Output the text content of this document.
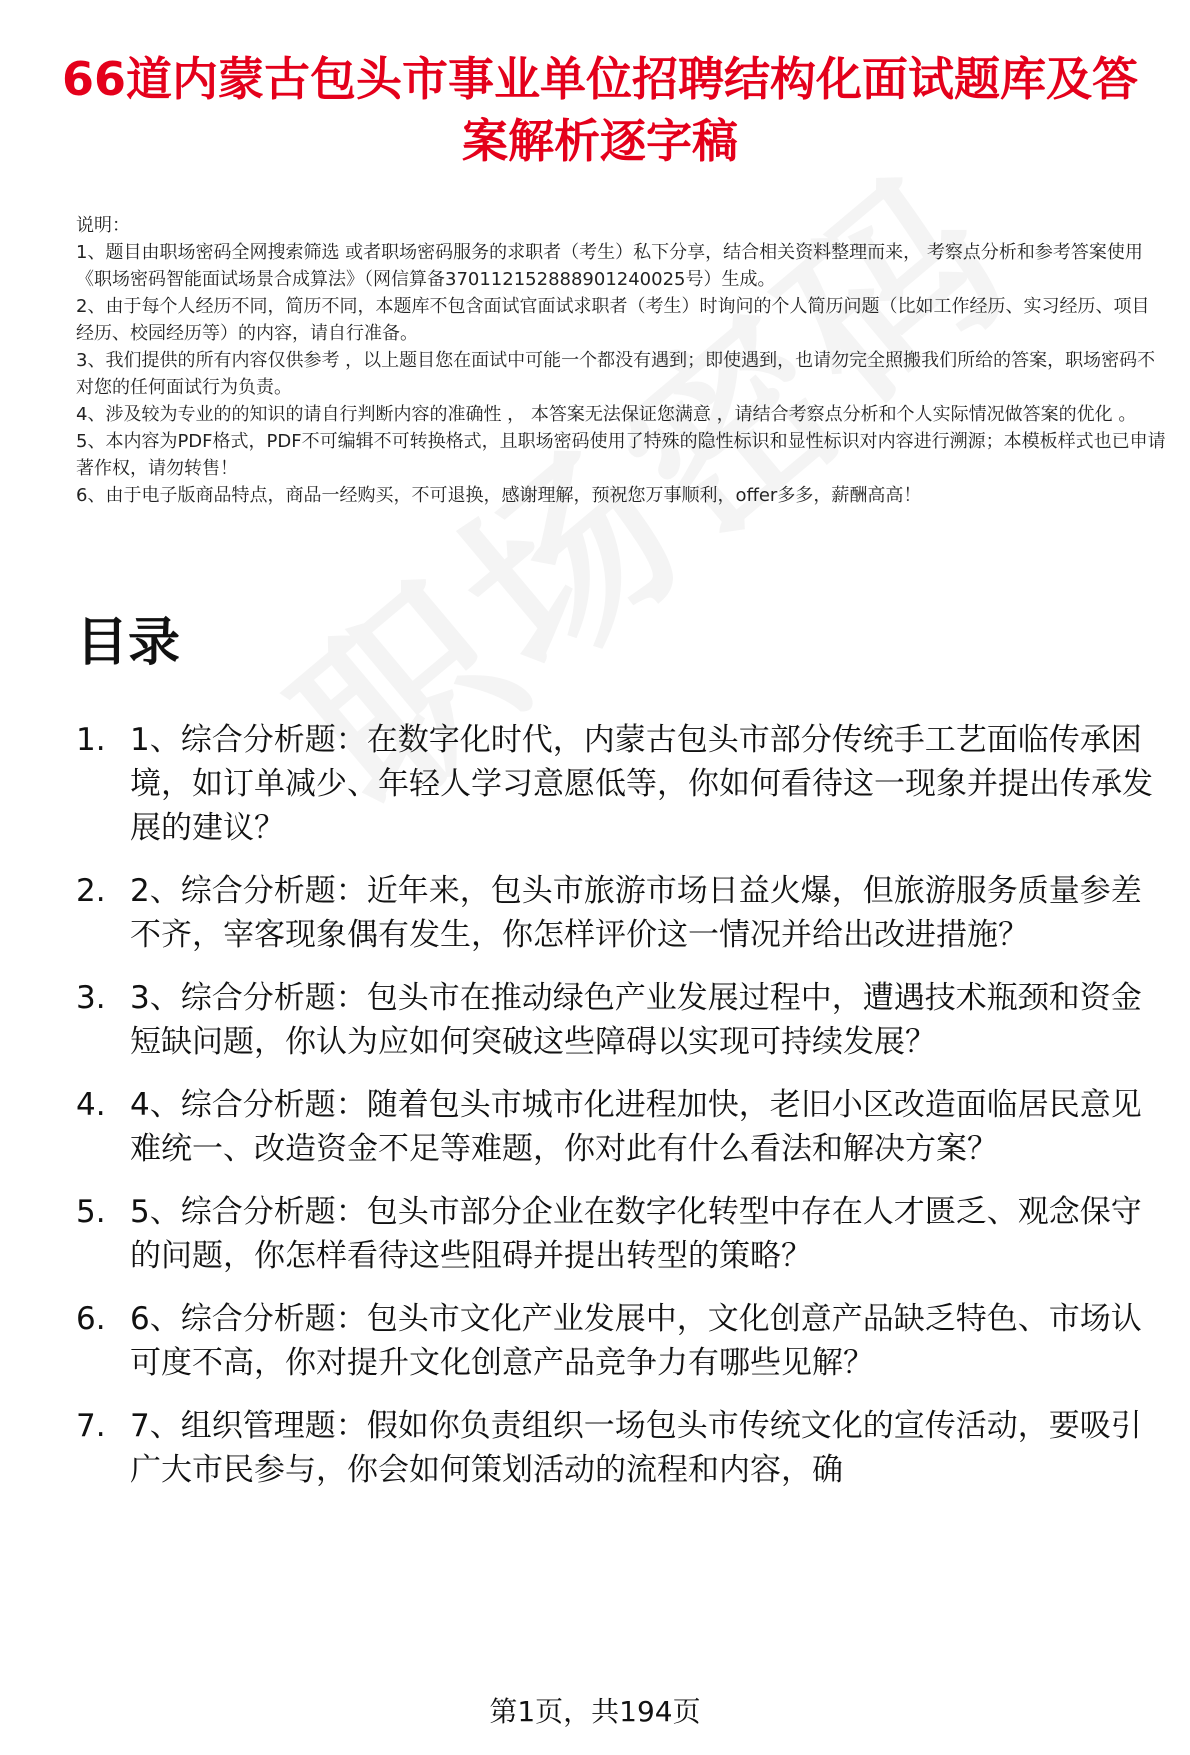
66道内蒙古包头市事业单位招聘结构化面试题库及答案解析逐字稿

说明：

1、题目由职场密码全网搜索筛选 或者职场密码服务的求职者（考生）私下分享，结合相关资料整理而来， 考察点分析和参考答案使用《职场密码智能面试场景合成算法》（网信算备370112152888901240025号）生成。

2、由于每个人经历不同，简历不同，本题库不包含面试官面试求职者（考生）时询问的个人简历问题（比如工作经历、实习经历、项目经历、校园经历等）的内容，请自行准备。

3、我们提供的所有内容仅供参考 ，以上题目您在面试中可能一个都没有遇到；即使遇到，也请勿完全照搬我们所给的答案，职场密码不对您的任何面试行为负责。

4、涉及较为专业的的知识的请自行判断内容的准确性 ， 本答案无法保证您满意 ，请结合考察点分析和个人实际情况做答案的优化 。

5、本内容为PDF格式，PDF不可编辑不可转换格式，且职场密码使用了特殊的隐性标识和显性标识对内容进行溯源；本模板样式也已申请著作权，请勿转售！

6、由于电子版商品特点，商品一经购买，不可退换，感谢理解，预祝您万事顺利，offer多多，薪酬高高！

目录
1. 1、综合分析题：在数字化时代，内蒙古包头市部分传统手工艺面临传承困境，如订单减少、年轻人学习意愿低等，你如何看待这一现象并提出传承发展的建议？
2. 2、综合分析题：近年来，包头市旅游市场日益火爆，但旅游服务质量参差不齐，宰客现象偶有发生，你怎样评价这一情况并给出改进措施？
3. 3、综合分析题：包头市在推动绿色产业发展过程中，遭遇技术瓶颈和资金短缺问题，你认为应如何突破这些障碍以实现可持续发展？
4. 4、综合分析题：随着包头市城市化进程加快，老旧小区改造面临居民意见难统一、改造资金不足等难题，你对此有什么看法和解决方案？
5. 5、综合分析题：包头市部分企业在数字化转型中存在人才匮乏、观念保守的问题，你怎样看待这些阻碍并提出转型的策略？
6. 6、综合分析题：包头市文化产业发展中，文化创意产品缺乏特色、市场认可度不高，你对提升文化创意产品竞争力有哪些见解？
7. 7、组织管理题：假如你负责组织一场包头市传统文化的宣传活动，要吸引广大市民参与，你会如何策划活动的流程和内容，确
第1页，共194页
